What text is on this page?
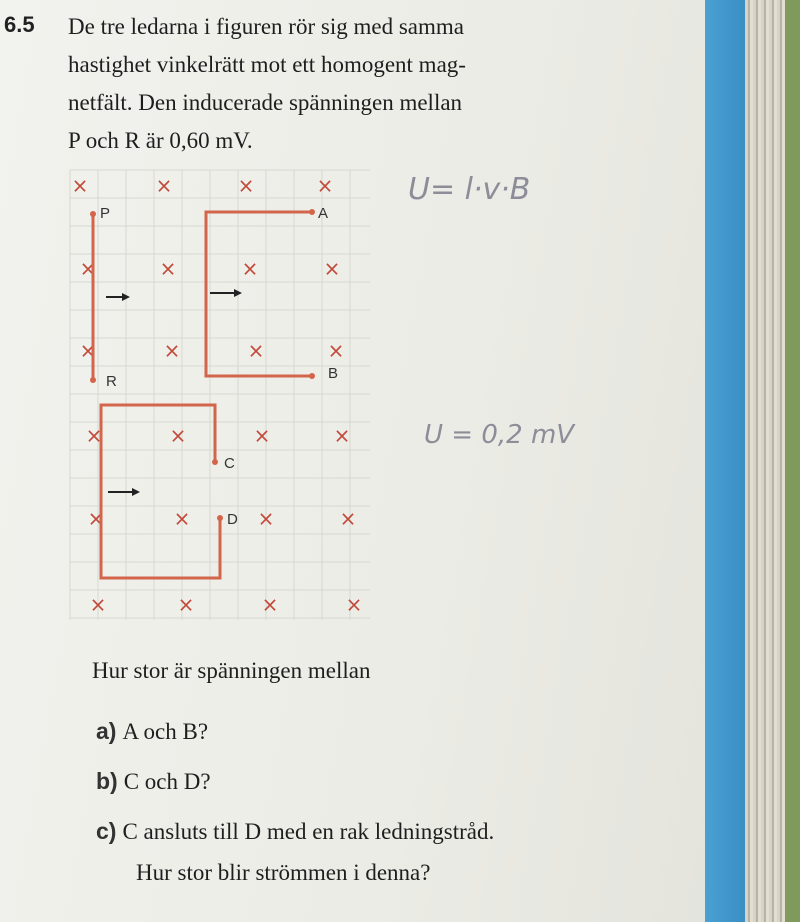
6.5 De tre ledarna i figuren rör sig med samma
hastighet vinkelrätt mot ett homogent mag-
netfält. Den inducerade spänningen mellan
P och R är 0,60 mV.
×	×	×	×
×	×	×	×
×	×	×	×
×	×	×	×
×	×	×	×
×	×	×	×
P
R
A
B
C
D
U= l·v·B
U = 0,2 mV
Hur stor är spänningen mellan
a) A och B?
b) C och D?
c) C ansluts till D med en rak ledningstråd.
Hur stor blir strömmen i denna?
